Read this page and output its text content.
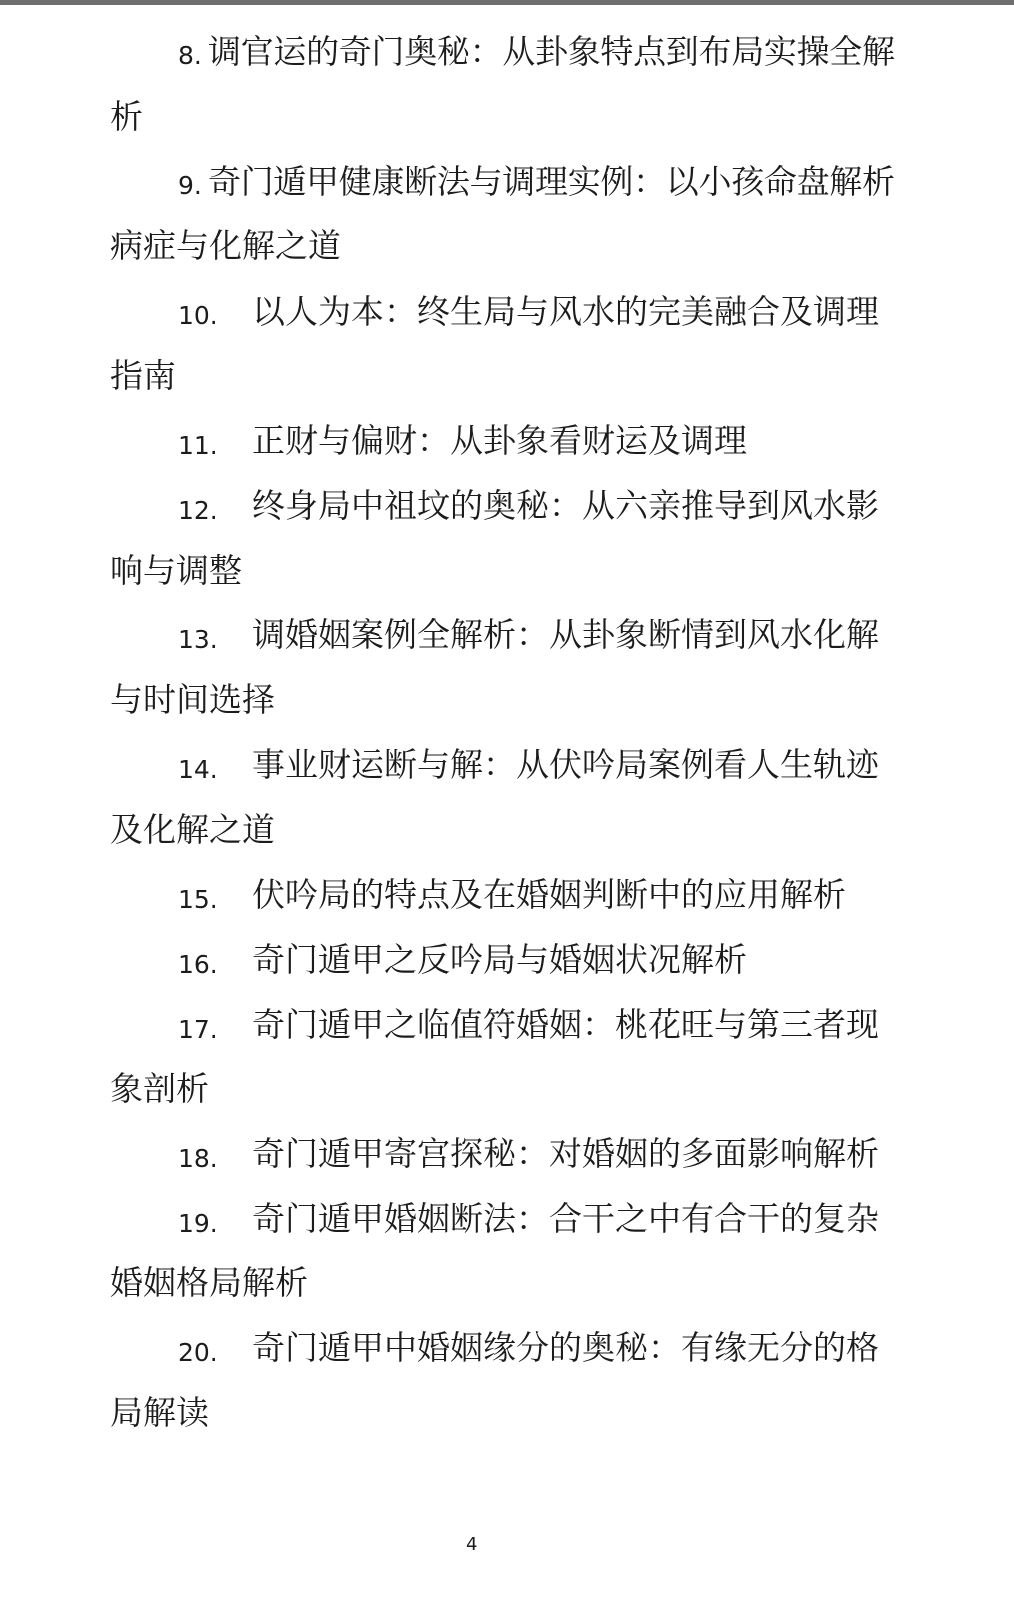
8. 调官运的奇门奥秘：从卦象特点到布局实操全解
析
9. 奇门遁甲健康断法与调理实例：以小孩命盘解析
病症与化解之道
10. 以人为本：终生局与风水的完美融合及调理
指南
11. 正财与偏财：从卦象看财运及调理
12. 终身局中祖坟的奥秘：从六亲推导到风水影
响与调整
13. 调婚姻案例全解析：从卦象断情到风水化解
与时间选择
14. 事业财运断与解：从伏吟局案例看人生轨迹
及化解之道
15. 伏吟局的特点及在婚姻判断中的应用解析
16. 奇门遁甲之反吟局与婚姻状况解析
17. 奇门遁甲之临值符婚姻：桃花旺与第三者现
象剖析
18. 奇门遁甲寄宫探秘：对婚姻的多面影响解析
19. 奇门遁甲婚姻断法：合干之中有合干的复杂
婚姻格局解析
20. 奇门遁甲中婚姻缘分的奥秘：有缘无分的格
局解读
4
